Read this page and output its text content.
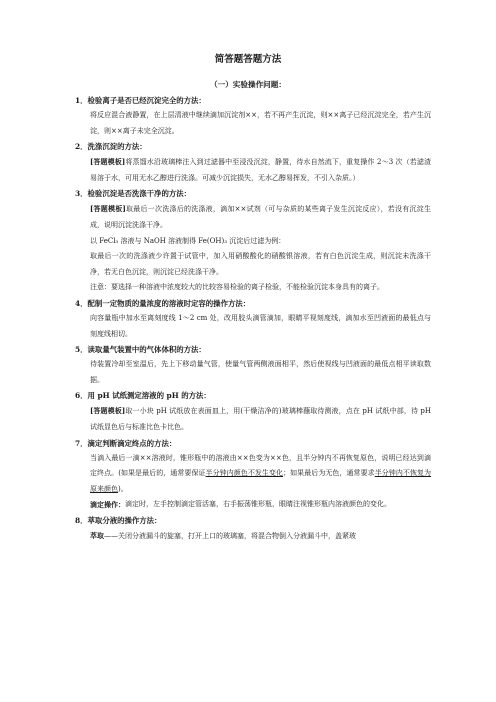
简答题答题方法
（一）实验操作问题：
1．检验离子是否已经沉淀完全的方法：
将反应混合液静置，在上层清液中继续滴加沉淀剂××，若不再产生沉淀，则××离子已经沉淀完全，若产生沉淀，则××离子未完全沉淀。
2．洗涤沉淀的方法：
[答题模板]将蒸馏水沿玻璃棒注入到过滤器中至浸没沉淀，静置，待水自然流下，重复操作 2～3 次（若滤渣易溶于水，可用无水乙醇进行洗涤。可减少沉淀损失，无水乙醇易挥发，不引入杂质。）
3．检验沉淀是否洗涤干净的方法：
[答题模板]取最后一次洗涤后的洗涤液，滴加××试剂（可与杂质的某些离子发生沉淀反应），若没有沉淀生成，说明沉淀洗涤干净。
以 FeCl₃ 溶液与 NaOH 溶液制得 Fe(OH)₃ 沉淀后过滤为例：
取最后一次的洗涤液少许置于试管中，加入用硝酸酸化的硝酸银溶液，若有白色沉淀生成，则沉淀未洗涤干净，若无白色沉淀，则沉淀已经洗涤干净。
注意：要选择一种溶液中浓度较大的比较容易检验的离子检验，不能检验沉淀本身具有的离子。
4．配制一定物质的量浓度的溶液时定容的操作方法：
向容量瓶中加水至离刻度线 1～2 cm 处，改用胶头滴管滴加，眼睛平视刻度线，滴加水至凹液面的最低点与刻度线相切。
5．读取量气装置中的气体体积的方法：
待装置冷却至室温后，先上下移动量气管，使量气管两侧液面相平，然后使视线与凹液面的最低点相平读取数据。
6．用 pH 试纸测定溶液的 pH 的方法：
[答题模板]取一小块 pH 试纸放在表面皿上，用(干燥洁净的)玻璃棒蘸取待测液，点在 pH 试纸中部，待 pH 试纸显色后与标准比色卡比色。
7．滴定判断滴定终点的方法：
当滴入最后一滴××溶液时，锥形瓶中的溶液由××色变为××色，且半分钟内不再恢复原色，说明已经达到滴定终点。(如果是最后的，通常要保证半分钟内颜色不发生变化；如果最后为无色，通常要求半分钟内不恢复为原来颜色)。
滴定操作： 滴定时，左手控制滴定管活塞，右手振荡锥形瓶，眼睛注视锥形瓶内溶液颜色的变化。
8．萃取分液的操作方法：
萃取——关闭分液漏斗的旋塞，打开上口的玻璃塞，将混合物倒入分液漏斗中，盖紧玻
